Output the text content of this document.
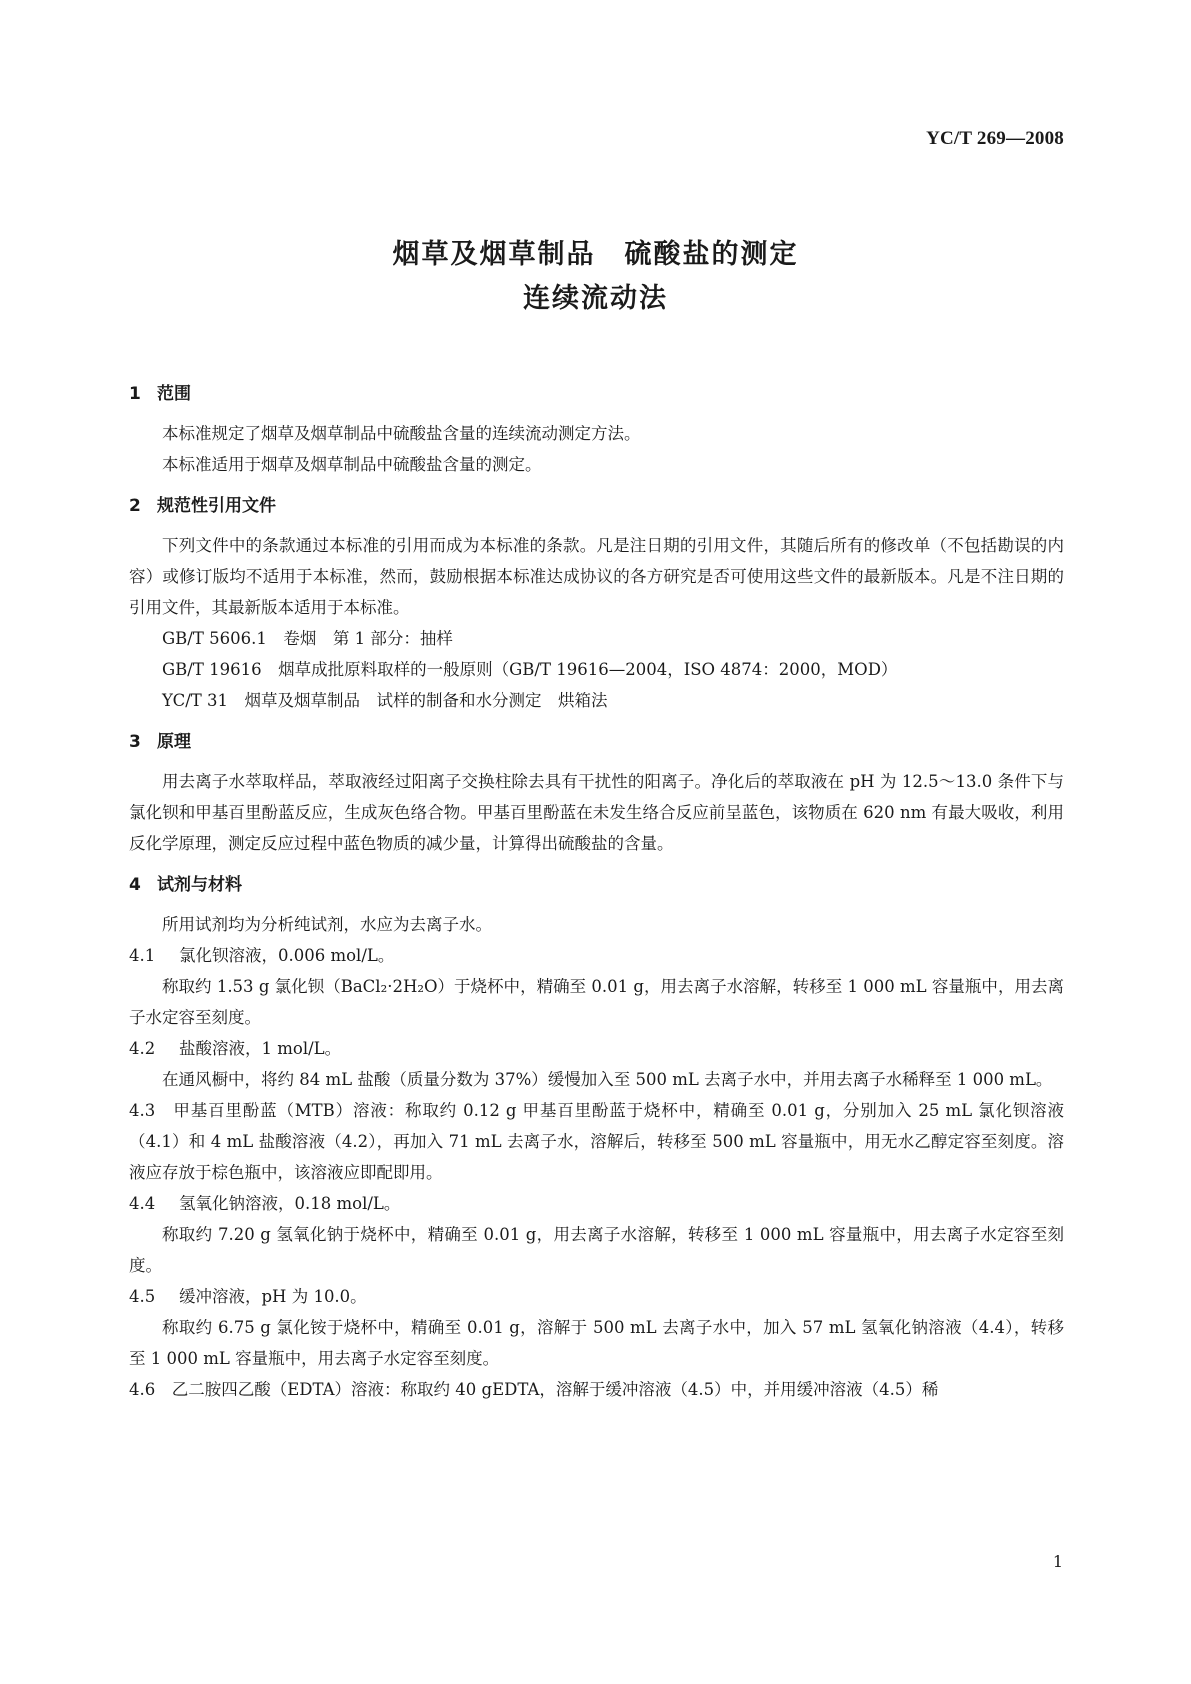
YC/T 269—2008
烟草及烟草制品　硫酸盐的测定
连续流动法
1 范围

本标准规定了烟草及烟草制品中硫酸盐含量的连续流动测定方法。

本标准适用于烟草及烟草制品中硫酸盐含量的测定。

2 规范性引用文件

下列文件中的条款通过本标准的引用而成为本标准的条款。凡是注日期的引用文件，其随后所有的修改单（不包括勘误的内容）或修订版均不适用于本标准，然而，鼓励根据本标准达成协议的各方研究是否可使用这些文件的最新版本。凡是不注日期的引用文件，其最新版本适用于本标准。

GB/T 5606.1　卷烟　第 1 部分：抽样
GB/T 19616　烟草成批原料取样的一般原则（GB/T 19616—2004，ISO 4874：2000，MOD）
YC/T 31　烟草及烟草制品　试样的制备和水分测定　烘箱法
3 原理

用去离子水萃取样品，萃取液经过阳离子交换柱除去具有干扰性的阳离子。净化后的萃取液在 pH 为 12.5～13.0 条件下与氯化钡和甲基百里酚蓝反应，生成灰色络合物。甲基百里酚蓝在未发生络合反应前呈蓝色，该物质在 620 nm 有最大吸收，利用反化学原理，测定反应过程中蓝色物质的减少量，计算得出硫酸盐的含量。

4 试剂与材料

所用试剂均为分析纯试剂，水应为去离子水。

4.1 氯化钡溶液，0.006 mol/L。

称取约 1.53 g 氯化钡（BaCl₂·2H₂O）于烧杯中，精确至 0.01 g，用去离子水溶解，转移至 1 000 mL 容量瓶中，用去离子水定容至刻度。

4.2 盐酸溶液，1 mol/L。

在通风橱中，将约 84 mL 盐酸（质量分数为 37%）缓慢加入至 500 mL 去离子水中，并用去离子水稀释至 1 000 mL。

4.3　甲基百里酚蓝（MTB）溶液：称取约 0.12 g 甲基百里酚蓝于烧杯中，精确至 0.01 g，分别加入 25 mL 氯化钡溶液（4.1）和 4 mL 盐酸溶液（4.2），再加入 71 mL 去离子水，溶解后，转移至 500 mL 容量瓶中，用无水乙醇定容至刻度。溶液应存放于棕色瓶中，该溶液应即配即用。

4.4 氢氧化钠溶液，0.18 mol/L。

称取约 7.20 g 氢氧化钠于烧杯中，精确至 0.01 g，用去离子水溶解，转移至 1 000 mL 容量瓶中，用去离子水定容至刻度。

4.5 缓冲溶液，pH 为 10.0。

称取约 6.75 g 氯化铵于烧杯中，精确至 0.01 g，溶解于 500 mL 去离子水中，加入 57 mL 氢氧化钠溶液（4.4），转移至 1 000 mL 容量瓶中，用去离子水定容至刻度。

4.6　乙二胺四乙酸（EDTA）溶液：称取约 40 gEDTA，溶解于缓冲溶液（4.5）中，并用缓冲溶液（4.5）稀

1
